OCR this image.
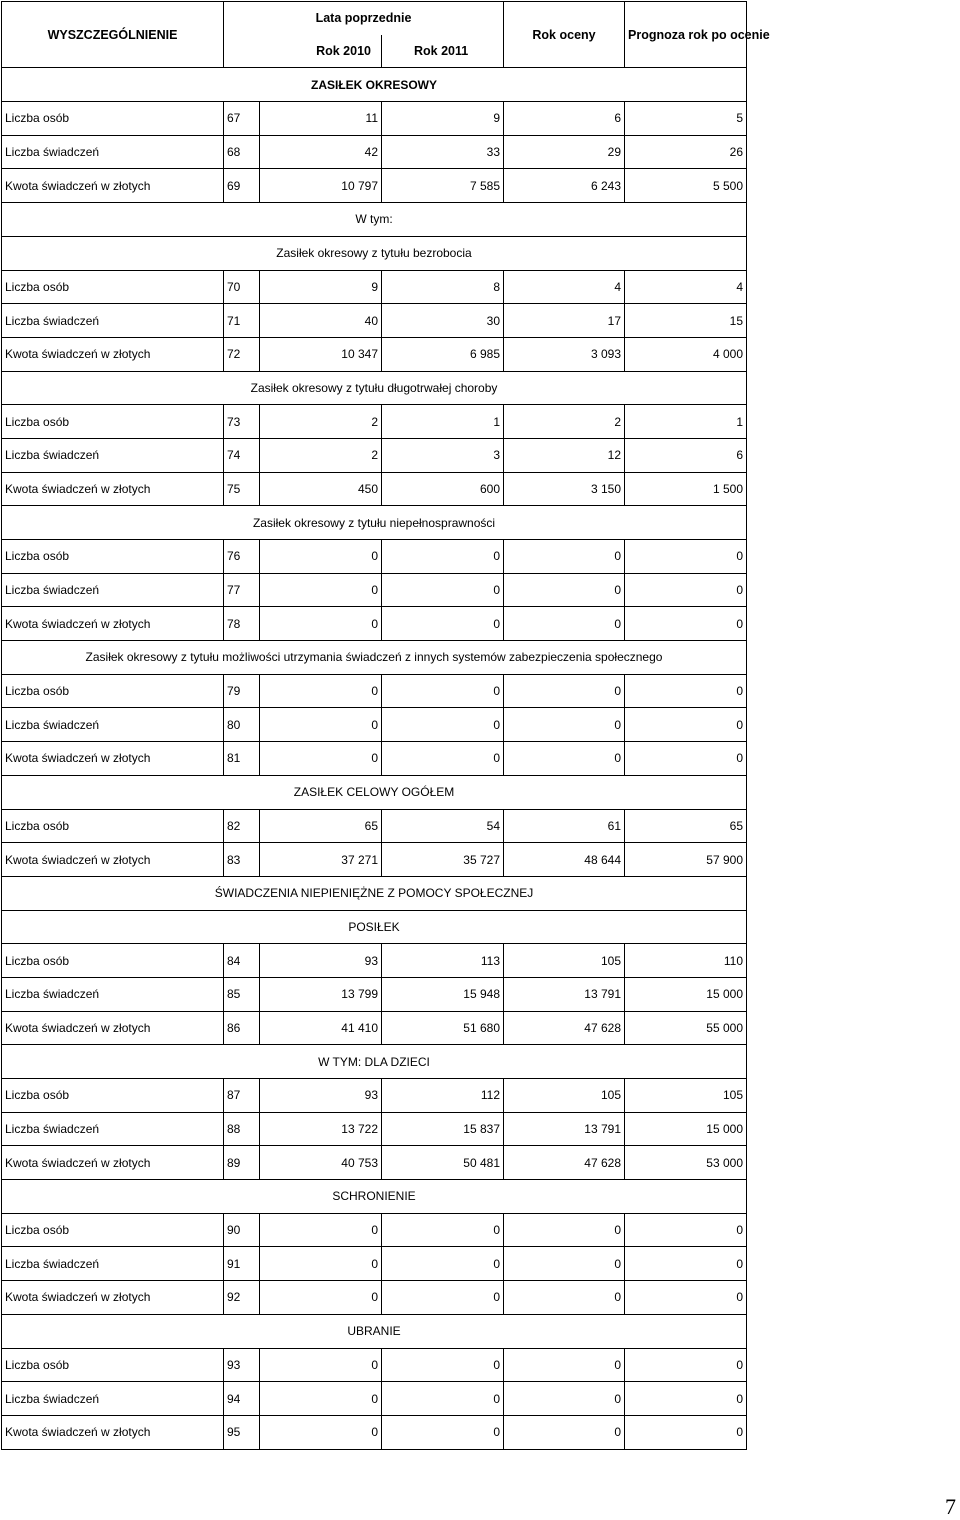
WYSZCZEGÓLNIENIE	Lata poprzednie			Rok oceny	Prognoza rok po ocenie
	Rok 2010		Rok 2011		
ZASIŁEK OKRESOWY					
Liczba osób	67	11	9	6	5
Liczba świadczeń	68	42	33	29	26
Kwota świadczeń w złotych	69	10 797	7 585	6 243	5 500
W tym:					
Zasiłek okresowy z tytułu bezrobocia					
Liczba osób	70	9	8	4	4
Liczba świadczeń	71	40	30	17	15
Kwota świadczeń w złotych	72	10 347	6 985	3 093	4 000
Zasiłek okresowy z tytułu długotrwałej choroby					
Liczba osób	73	2	1	2	1
Liczba świadczeń	74	2	3	12	6
Kwota świadczeń w złotych	75	450	600	3 150	1 500
Zasiłek okresowy z tytułu niepełnosprawności					
Liczba osób	76	0	0	0	0
Liczba świadczeń	77	0	0	0	0
Kwota świadczeń w złotych	78	0	0	0	0
Zasiłek okresowy z tytułu możliwości utrzymania świadczeń z innych systemów zabezpieczenia społecznego					
Liczba osób	79	0	0	0	0
Liczba świadczeń	80	0	0	0	0
Kwota świadczeń w złotych	81	0	0	0	0
ZASIŁEK CELOWY OGÓŁEM					
Liczba osób	82	65	54	61	65
Kwota świadczeń w złotych	83	37 271	35 727	48 644	57 900
ŚWIADCZENIA NIEPIENIĘŻNE Z POMOCY SPOŁECZNEJ					
POSIŁEK					
Liczba osób	84	93	113	105	110
Liczba świadczeń	85	13 799	15 948	13 791	15 000
Kwota świadczeń w złotych	86	41 410	51 680	47 628	55 000
W TYM: DLA DZIECI					
Liczba osób	87	93	112	105	105
Liczba świadczeń	88	13 722	15 837	13 791	15 000
Kwota świadczeń w złotych	89	40 753	50 481	47 628	53 000
SCHRONIENIE					
Liczba osób	90	0	0	0	0
Liczba świadczeń	91	0	0	0	0
Kwota świadczeń w złotych	92	0	0	0	0
UBRANIE					
Liczba osób	93	0	0	0	0
Liczba świadczeń	94	0	0	0	0
Kwota świadczeń w złotych	95	0	0	0	0
7
